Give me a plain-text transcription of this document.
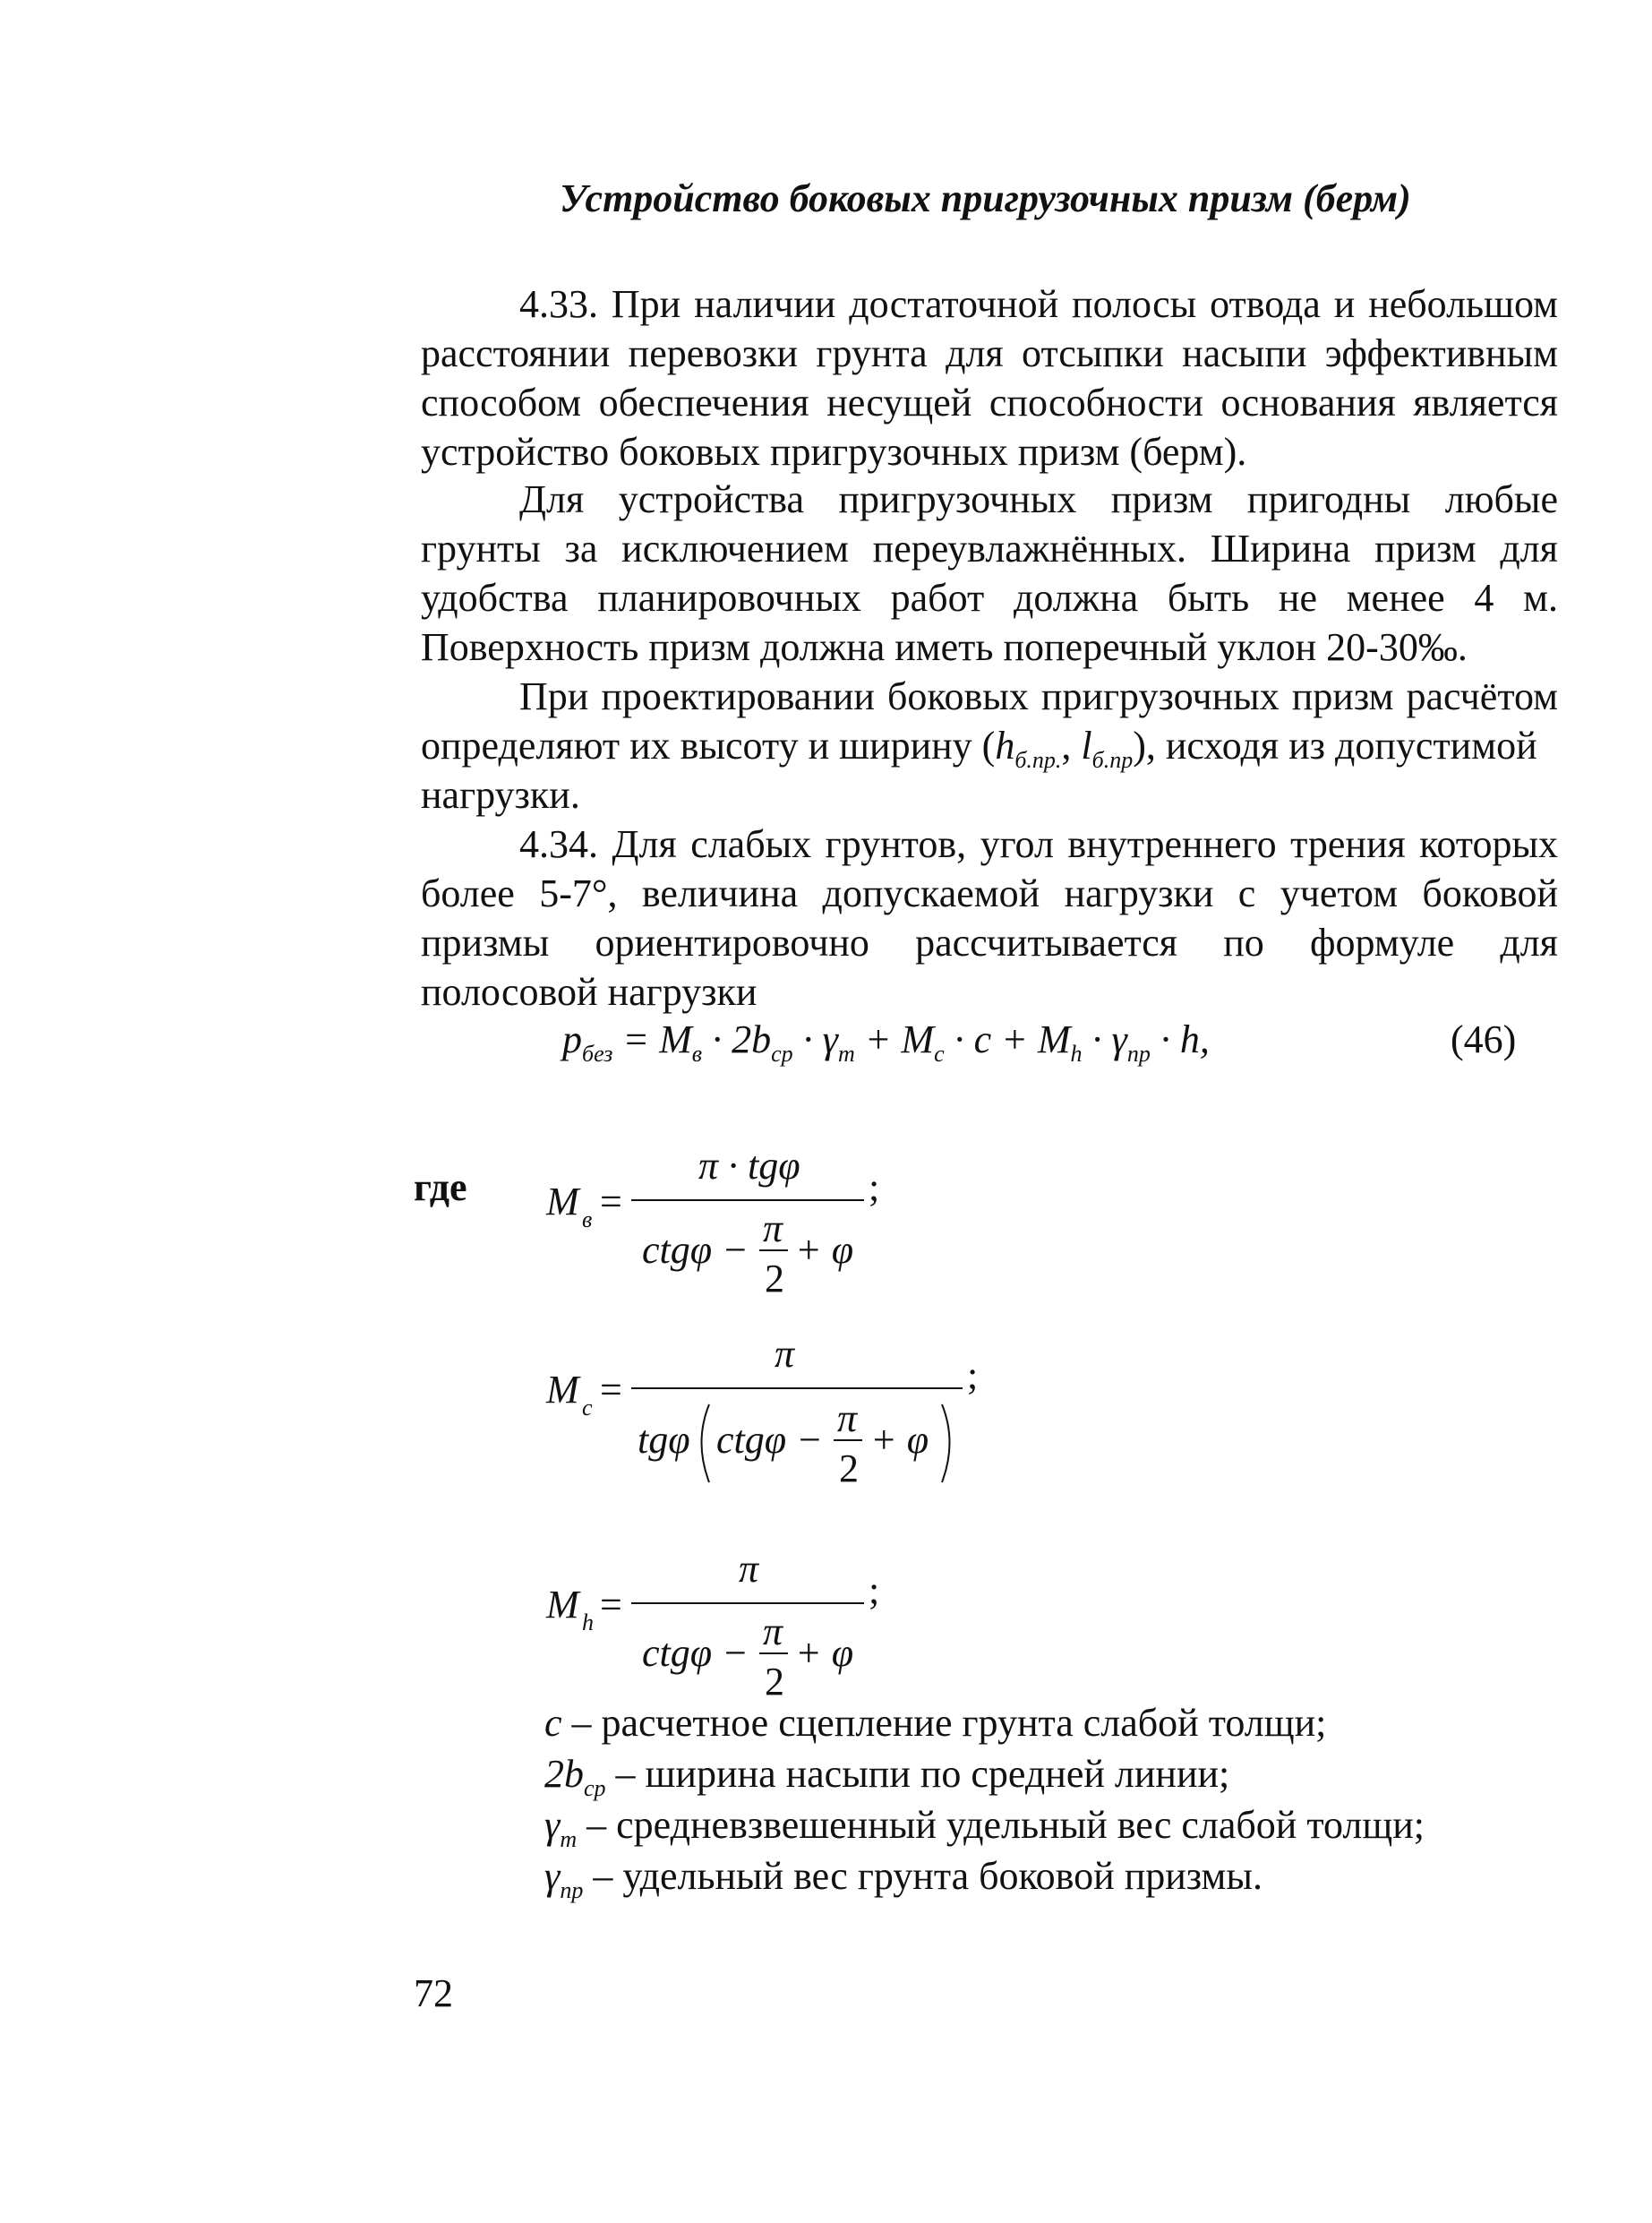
Устройство боковых пригрузочных призм (берм)
4.33. При наличии достаточной полосы отвода и небольшом
расстоянии перевозки грунта для отсыпки насыпи эффективным
способом обеспечения несущей способности основания является
устройство боковых пригрузочных призм (берм).
Для устройства пригрузочных призм пригодны любые
грунты за исключением переувлажнённых. Ширина призм для
удобства планировочных работ должна быть не менее 4 м.
Поверхность призм должна иметь поперечный уклон 20-30‰.
При проектировании боковых пригрузочных призм расчётом
определяют их высоту и ширину ($h_{б.пр.}$, $l_{б.пр}$), исходя из допустимой
нагрузки.
4.34. Для слабых грунтов, угол внутреннего трения которых
более 5-7°, величина допускаемой нагрузки с учетом боковой
призмы ориентировочно рассчитывается по формуле для
полосовой нагрузки
$p_{без} = M_в \cdot 2b_{ср} \cdot \gamma_т + M_с \cdot c + M_h \cdot \gamma_{пр} \cdot h$,	(46)
где M в =
π · tgφ
π
ctgφ −
2
+ φ
;
M c =
π
tgφ ctgφ − π
2
+ φ
;
M h =
π
π
ctgφ −
2
+ φ
;
c – расчетное сцепление грунта слабой толщи;
$2b_{ср}$ – ширина насыпи по средней линии;
$\gamma_т$ – средневзвешенный удельный вес слабой толщи;
$\gamma_{пр}$ – удельный вес грунта боковой призмы.
72
